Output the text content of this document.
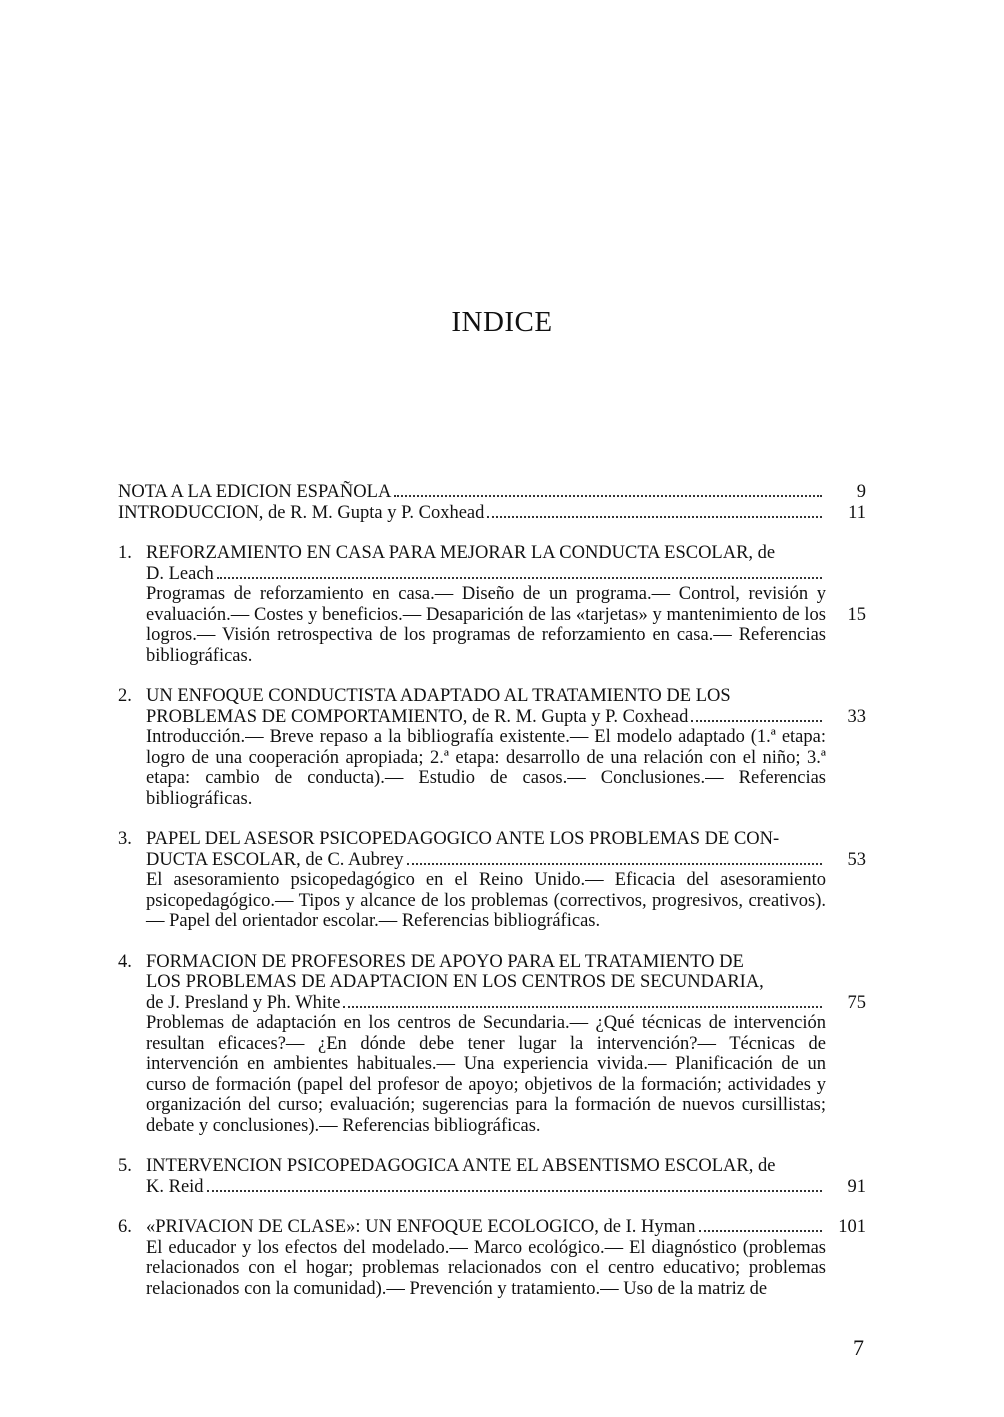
INDICE
9
NOTA A LA EDICION ESPAÑOLA
11
INTRODUCCION, de R. M. Gupta y P. Coxhead
1. REFORZAMIENTO EN CASA PARA MEJORAR LA CONDUCTA ESCOLAR, de
D. Leach
Programas de reforzamiento en casa.— Diseño de un programa.— Control, revisión y evaluación.— Costes y beneficios.— Desaparición de las «tarjetas» y mantenimiento de los logros.— Visión retrospectiva de los programas de reforzamiento en casa.— Referencias bibliográficas.
15
2. UN ENFOQUE CONDUCTISTA ADAPTADO AL TRATAMIENTO DE LOS
PROBLEMAS DE COMPORTAMIENTO, de R. M. Gupta y P. Coxhead
Introducción.— Breve repaso a la bibliografía existente.— El modelo adaptado (1.ª etapa: logro de una cooperación apropiada; 2.ª etapa: desarrollo de una relación con el niño; 3.ª etapa: cambio de conducta).— Estudio de casos.— Conclusiones.— Referencias bibliográficas.
33
3. PAPEL DEL ASESOR PSICOPEDAGOGICO ANTE LOS PROBLEMAS DE CON-
DUCTA ESCOLAR, de C. Aubrey
El asesoramiento psicopedagógico en el Reino Unido.— Eficacia del asesoramiento psicopedagógico.— Tipos y alcance de los problemas (correctivos, progresivos, creativos).— Papel del orientador escolar.— Referencias bibliográficas.
53
4. FORMACION DE PROFESORES DE APOYO PARA EL TRATAMIENTO DE
LOS PROBLEMAS DE ADAPTACION EN LOS CENTROS DE SECUNDARIA,
de J. Presland y Ph. White
Problemas de adaptación en los centros de Secundaria.— ¿Qué técnicas de intervención resultan eficaces?— ¿En dónde debe tener lugar la intervención?— Técnicas de intervención en ambientes habituales.— Una experiencia vivida.— Planificación de un curso de formación (papel del profesor de apoyo; objetivos de la formación; actividades y organización del curso; evaluación; sugerencias para la formación de nuevos cursillistas; debate y conclusiones).— Referencias bibliográficas.
75
5. INTERVENCION PSICOPEDAGOGICA ANTE EL ABSENTISMO ESCOLAR, de
K. Reid	91
6. «PRIVACION DE CLASE»: UN ENFOQUE ECOLOGICO, de I. Hyman
El educador y los efectos del modelado.— Marco ecológico.— El diagnóstico (problemas relacionados con el hogar; problemas relacionados con el centro educativo; problemas relacionados con la comunidad).— Prevención y tratamiento.— Uso de la matriz de
101
7
